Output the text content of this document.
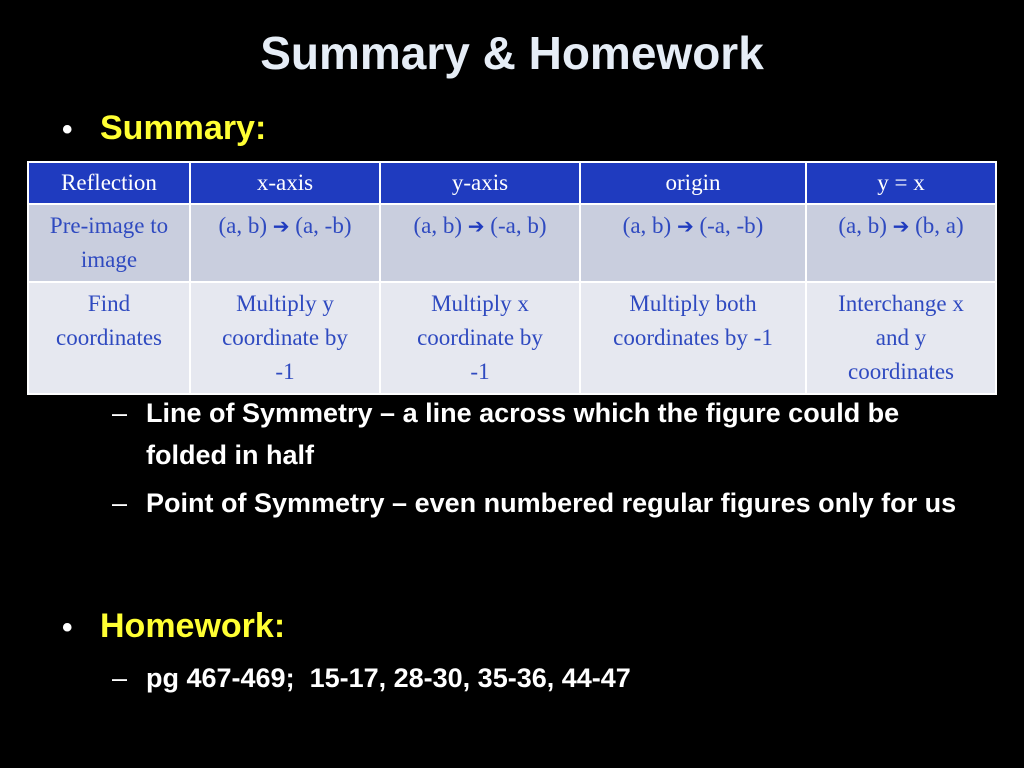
Summary & Homework
• Summary:
Reflection	x-axis	y-axis	origin	y = x
Pre-image to image	(a, b) ➔ (a, -b)	(a, b) ➔ (-a, b)	(a, b) ➔ (-a, -b)	(a, b) ➔ (b, a)
Find coordinates	Multiply y coordinate by -1	Multiply x coordinate by -1	Multiply both coordinates by -1	Interchange x and y coordinates
– Line of Symmetry – a line across which the figure could be folded in half
– Point of Symmetry – even numbered regular figures only for us
• Homework:
– pg 467-469;  15-17, 28-30, 35-36, 44-47
